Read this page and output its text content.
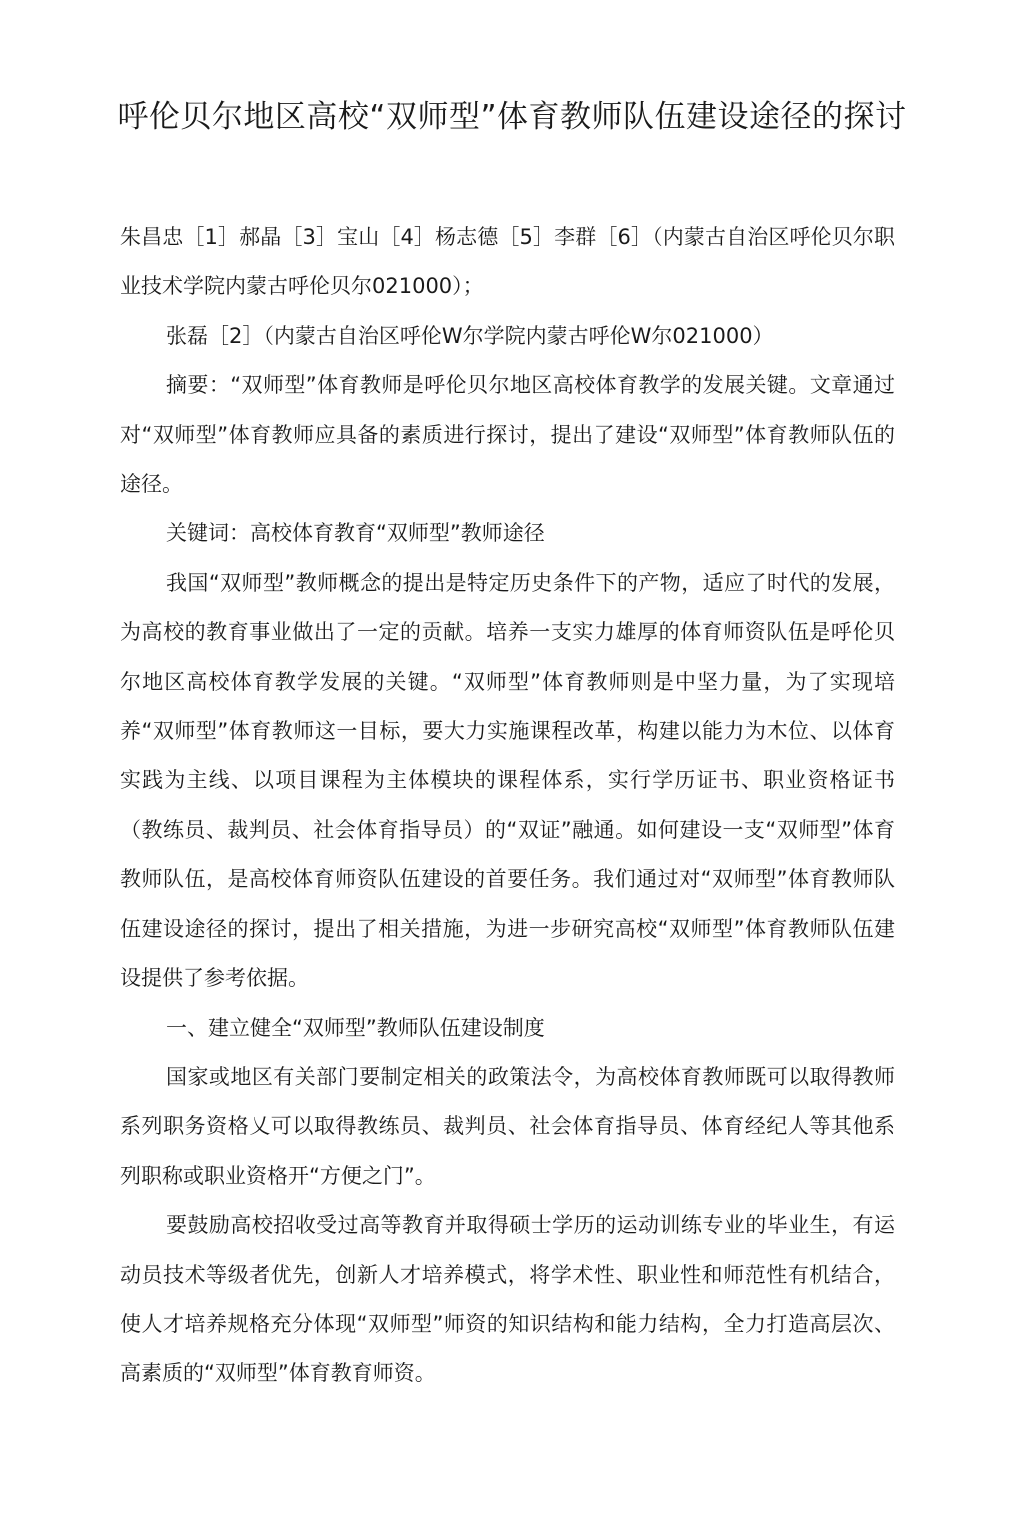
呼伦贝尔地区高校“双师型”体育教师队伍建设途径的探讨

朱昌忠［1］郝晶［3］宝山［4］杨志德［5］李群［6］（内蒙古自治区呼伦贝尔职业技术学院内蒙古呼伦贝尔021000）；

张磊［2］（内蒙古自治区呼伦W尔学院内蒙古呼伦W尔021000）

摘要：“双师型”体育教师是呼伦贝尔地区高校体育教学的发展关键。文章通过对“双师型”体育教师应具备的素质进行探讨，提出了建设“双师型”体育教师队伍的途径。

关键词：高校体育教育“双师型”教师途径

我国“双师型”教师概念的提出是特定历史条件下的产物，适应了时代的发展，为高校的教育事业做出了一定的贡献。培养一支实力雄厚的体育师资队伍是呼伦贝尔地区高校体育教学发展的关键。“双师型”体育教师则是中坚力量，为了实现培养“双师型”体育教师这一目标，要大力实施课程改革，构建以能力为木位、以体育实践为主线、以项目课程为主体模块的课程体系，实行学历证书、职业资格证书（教练员、裁判员、社会体育指导员）的“双证”融通。如何建设一支“双师型”体育教师队伍，是高校体育师资队伍建设的首要任务。我们通过对“双师型”体育教师队伍建设途径的探讨，提出了相关措施，为进一步研究高校“双师型”体育教师队伍建设提供了参考依据。

一、建立健全“双师型”教师队伍建设制度

国家或地区有关部门要制定相关的政策法令，为高校体育教师既可以取得教师系列职务资格乂可以取得教练员、裁判员、社会体育指导员、体育经纪人等其他系列职称或职业资格开“方便之门”。

要鼓励高校招收受过高等教育并取得硕士学历的运动训练专业的毕业生，有运动员技术等级者优先，创新人才培养模式，将学术性、职业性和师范性有机结合，使人才培养规格充分体现“双师型”师资的知识结构和能力结构，全力打造高层次、高素质的“双师型”体育教育师资。
